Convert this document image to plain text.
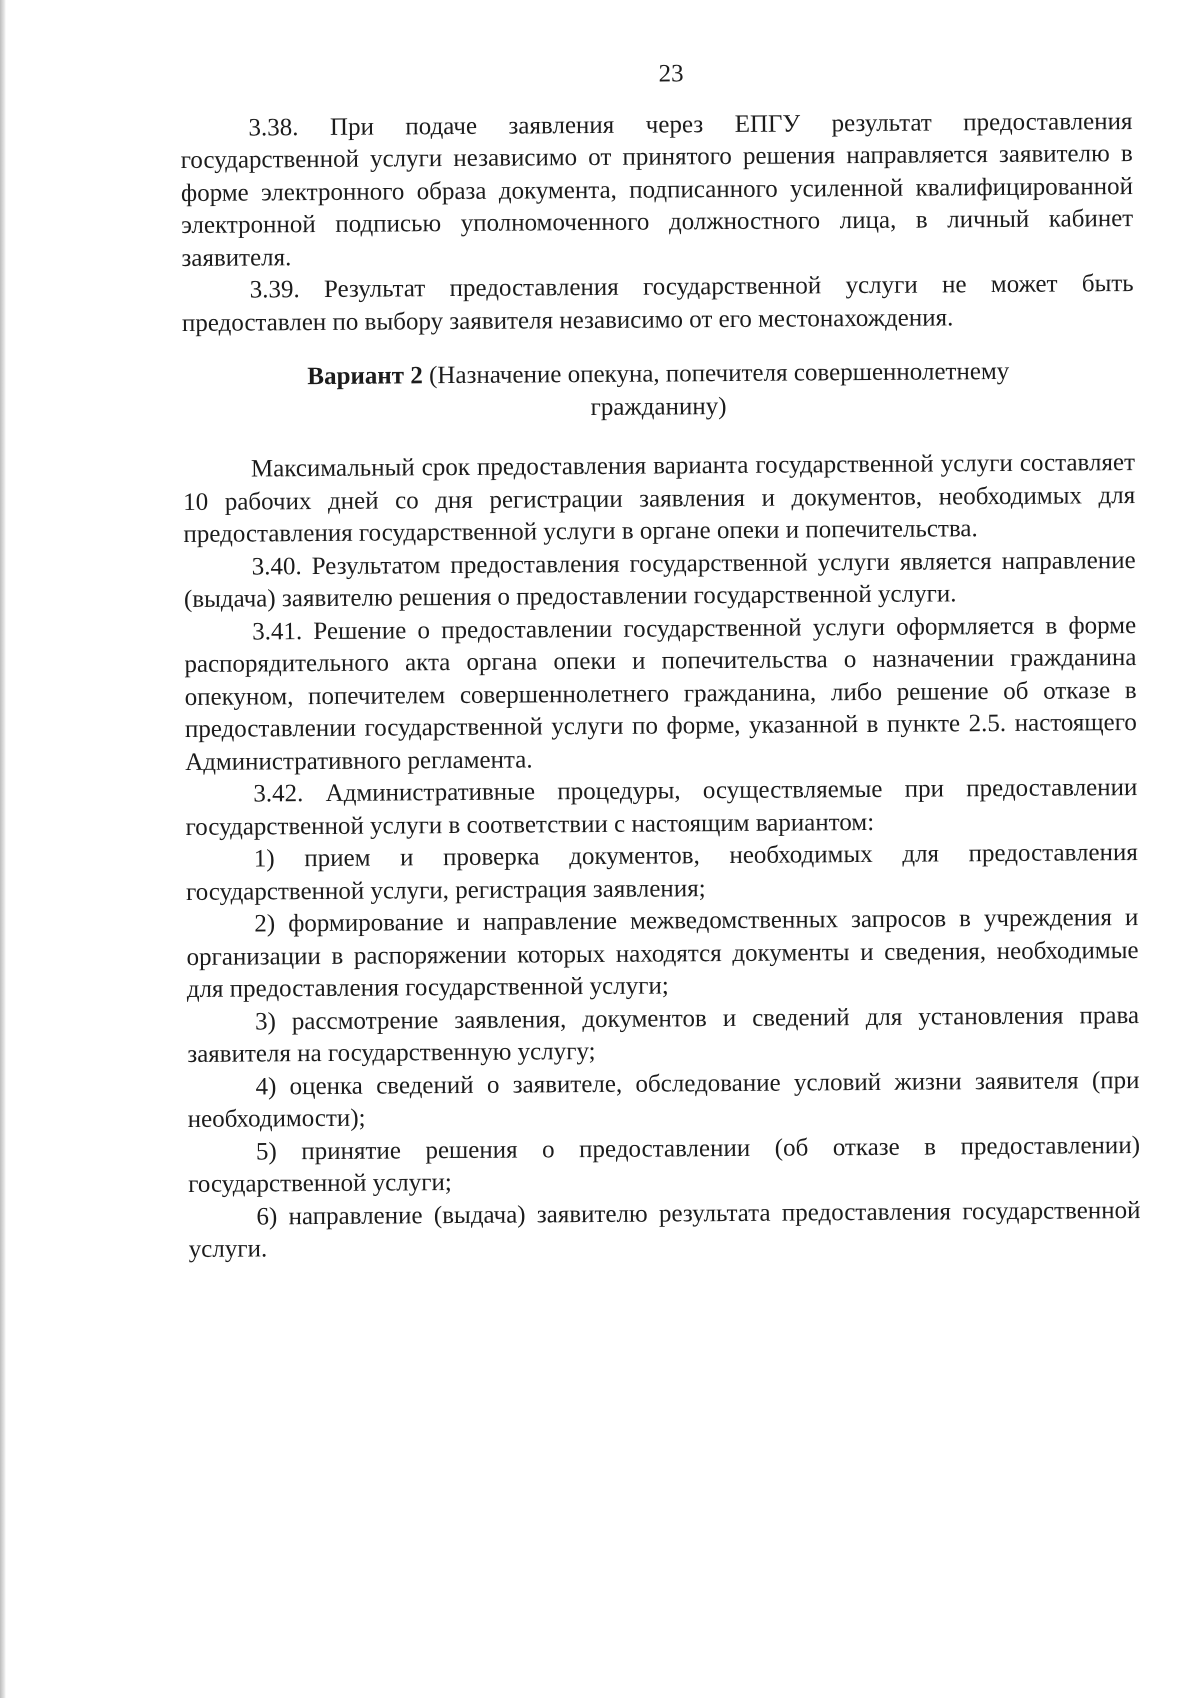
23

3.38. При подаче заявления через ЕПГУ результат предоставления государственной услуги независимо от принятого решения направляется заявителю в форме электронного образа документа, подписанного усиленной квалифицированной электронной подписью уполномоченного должностного лица, в личный кабинет заявителя.

3.39. Результат предоставления государственной услуги не может быть предоставлен по выбору заявителя независимо от его местонахождения.

Вариант 2 (Назначение опекуна, попечителя совершеннолетнему гражданину)

Максимальный срок предоставления варианта государственной услуги составляет 10 рабочих дней со дня регистрации заявления и документов, необходимых для предоставления государственной услуги в органе опеки и попечительства.

3.40. Результатом предоставления государственной услуги является направление (выдача) заявителю решения о предоставлении государственной услуги.

3.41. Решение о предоставлении государственной услуги оформляется в форме распорядительного акта органа опеки и попечительства о назначении гражданина опекуном, попечителем совершеннолетнего гражданина, либо решение об отказе в предоставлении государственной услуги по форме, указанной в пункте 2.5. настоящего Административного регламента.

3.42. Административные процедуры, осуществляемые при предоставлении государственной услуги в соответствии с настоящим вариантом:

1) прием и проверка документов, необходимых для предоставления государственной услуги, регистрация заявления;

2) формирование и направление межведомственных запросов в учреждения и организации в распоряжении которых находятся документы и сведения, необходимые для предоставления государственной услуги;

3) рассмотрение заявления, документов и сведений для установления права заявителя на государственную услугу;

4) оценка сведений о заявителе, обследование условий жизни заявителя (при необходимости);

5) принятие решения о предоставлении (об отказе в предоставлении) государственной услуги;

6) направление (выдача) заявителю результата предоставления государственной услуги.
